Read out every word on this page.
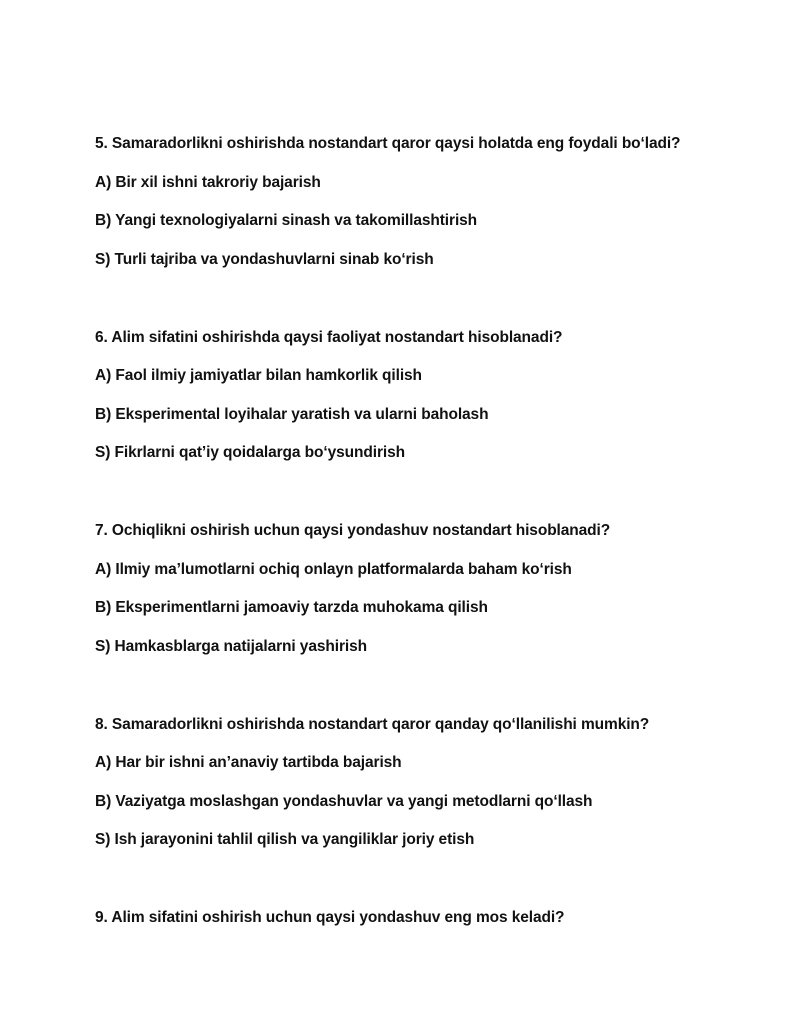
5. Samaradorlikni oshirishda nostandart qaror qaysi holatda eng foydali boʻladi?

A) Bir xil ishni takroriy bajarish

B) Yangi texnologiyalarni sinash va takomillashtirish

S) Turli tajriba va yondashuvlarni sinab koʻrish

6. Alim sifatini oshirishda qaysi faoliyat nostandart hisoblanadi?

A) Faol ilmiy jamiyatlar bilan hamkorlik qilish

B) Eksperimental loyihalar yaratish va ularni baholash

S) Fikrlarni qat’iy qoidalarga boʻysundirish

7. Ochiqlikni oshirish uchun qaysi yondashuv nostandart hisoblanadi?

A) Ilmiy ma’lumotlarni ochiq onlayn platformalarda baham koʻrish

B) Eksperimentlarni jamoaviy tarzda muhokama qilish

S) Hamkasblarga natijalarni yashirish

8. Samaradorlikni oshirishda nostandart qaror qanday qoʻllanilishi mumkin?

A) Har bir ishni an’anaviy tartibda bajarish

B) Vaziyatga moslashgan yondashuvlar va yangi metodlarni qoʻllash

S) Ish jarayonini tahlil qilish va yangiliklar joriy etish

9. Alim sifatini oshirish uchun qaysi yondashuv eng mos keladi?
